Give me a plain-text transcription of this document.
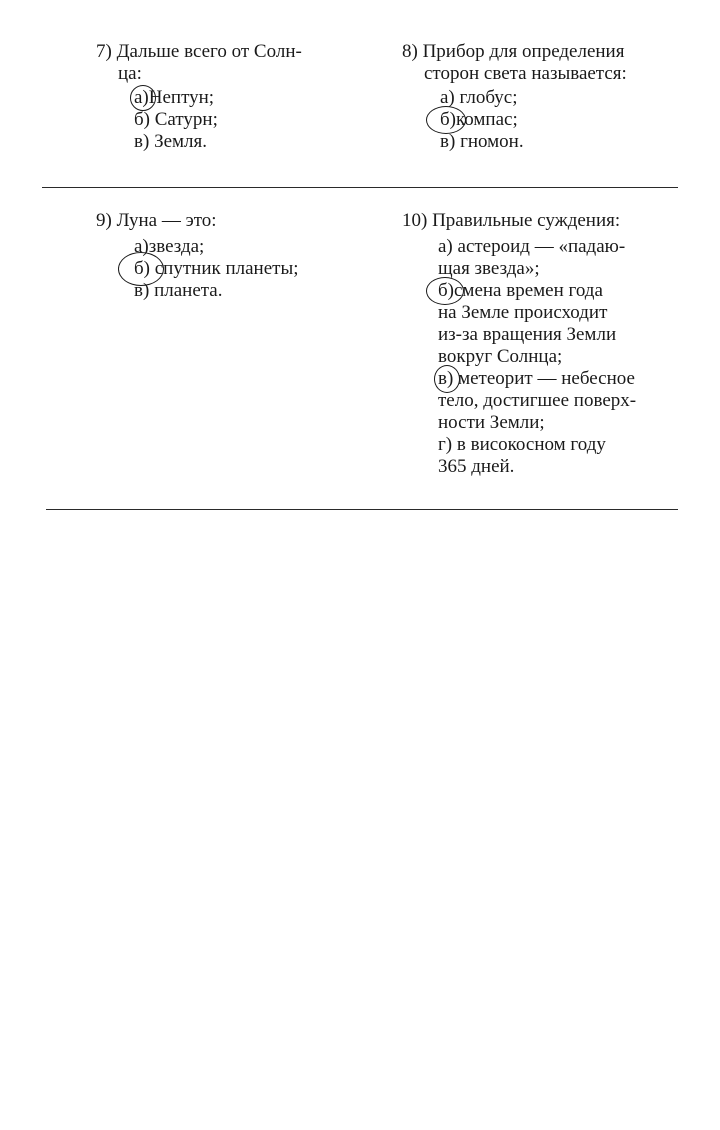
7) Дальше всего от Солн-
ца:
а)Нептун;
б) Сатурн;
в) Земля.
8) Прибор для определения
сторон света называется:
а) глобус;
б)компас;
в) гномон.
9) Луна — это:
а)звезда;
б) спутник планеты;
в) планета.
10) Правильные суждения:
а) астероид — «падаю-
щая звезда»;
б)смена времен года
на Земле происходит
из-за вращения Земли
вокруг Солнца;
в) метеорит — небесное
тело, достигшее поверх-
ности Земли;
г) в високосном году
365 дней.
